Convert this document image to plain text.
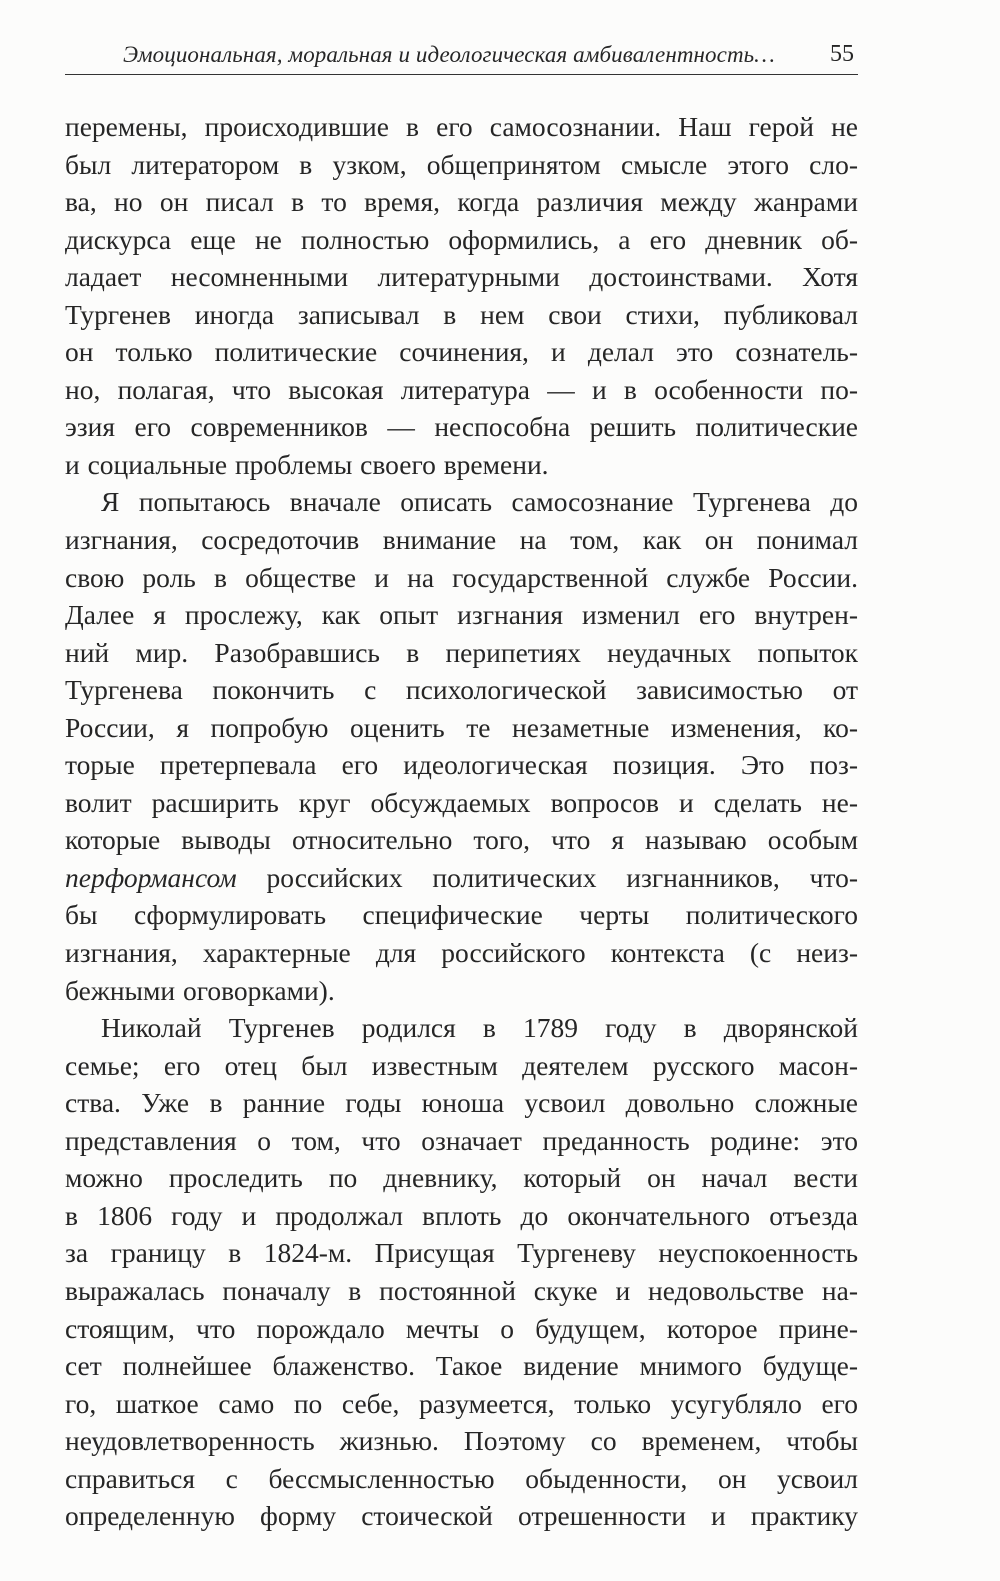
Эмоциональная, моральная и идеологическая амбивалентность… 55
перемены, происходившие в его самосознании. Наш герой не
был литератором в узком, общепринятом смысле этого сло-
ва, но он писал в то время, когда различия между жанрами
дискурса еще не полностью оформились, а его дневник об-
ладает несомненными литературными достоинствами. Хотя
Тургенев иногда записывал в нем свои стихи, публиковал
он только политические сочинения, и делал это сознатель-
но, полагая, что высокая литература — и в особенности по-
эзия его современников — неспособна решить политические
и социальные проблемы своего времени.
Я попытаюсь вначале описать самосознание Тургенева до
изгнания, сосредоточив внимание на том, как он понимал
свою роль в обществе и на государственной службе России.
Далее я прослежу, как опыт изгнания изменил его внутрен-
ний мир. Разобравшись в перипетиях неудачных попыток
Тургенева покончить с психологической зависимостью от
России, я попробую оценить те незаметные изменения, ко-
торые претерпевала его идеологическая позиция. Это поз-
волит расширить круг обсуждаемых вопросов и сделать не-
которые выводы относительно того, что я называю особым
перформансом российских политических изгнанников, что-
бы сформулировать специфические черты политического
изгнания, характерные для российского контекста (с неиз-
бежными оговорками).
Николай Тургенев родился в 1789 году в дворянской
семье; его отец был известным деятелем русского масон-
ства. Уже в ранние годы юноша усвоил довольно сложные
представления о том, что означает преданность родине: это
можно проследить по дневнику, который он начал вести
в 1806 году и продолжал вплоть до окончательного отъезда
за границу в 1824-м. Присущая Тургеневу неуспокоенность
выражалась поначалу в постоянной скуке и недовольстве на-
стоящим, что порождало мечты о будущем, которое прине-
сет полнейшее блаженство. Такое видение мнимого будуще-
го, шаткое само по себе, разумеется, только усугубляло его
неудовлетворенность жизнью. Поэтому со временем, чтобы
справиться с бессмысленностью обыденности, он усвоил
определенную форму стоической отрешенности и практику
